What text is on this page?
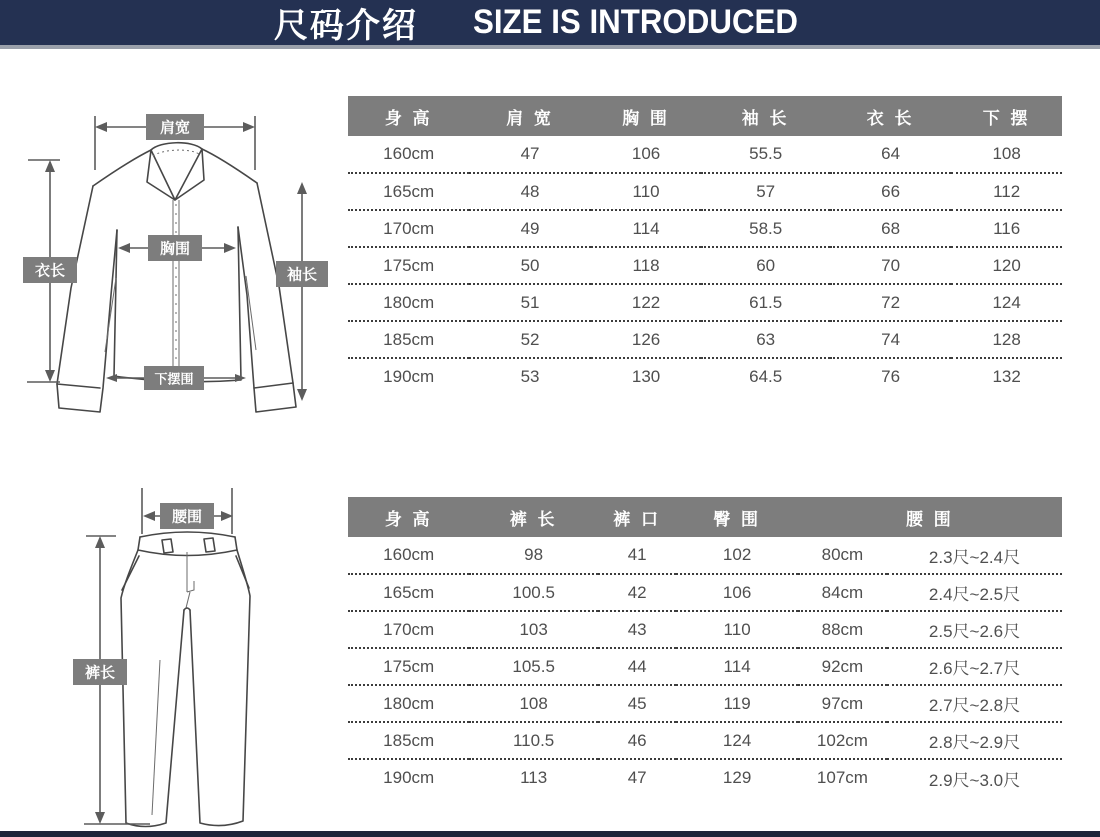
尺码介绍 SIZE IS INTRODUCED
肩宽
衣长
胸围
袖长
下摆围
腰围
裤长
身 高	肩 宽	胸 围	袖 长	衣 长	下 摆
160cm	47	106	55.5	64	108
165cm	48	110	57	66	112
170cm	49	114	58.5	68	116
175cm	50	118	60	70	120
180cm	51	122	61.5	72	124
185cm	52	126	63	74	128
190cm	53	130	64.5	76	132
身 高	裤 长	裤 口	臀 围	腰 围	
160cm	98	41	102	80cm	2.3尺~2.4尺
165cm	100.5	42	106	84cm	2.4尺~2.5尺
170cm	103	43	110	88cm	2.5尺~2.6尺
175cm	105.5	44	114	92cm	2.6尺~2.7尺
180cm	108	45	119	97cm	2.7尺~2.8尺
185cm	110.5	46	124	102cm	2.8尺~2.9尺
190cm	113	47	129	107cm	2.9尺~3.0尺
